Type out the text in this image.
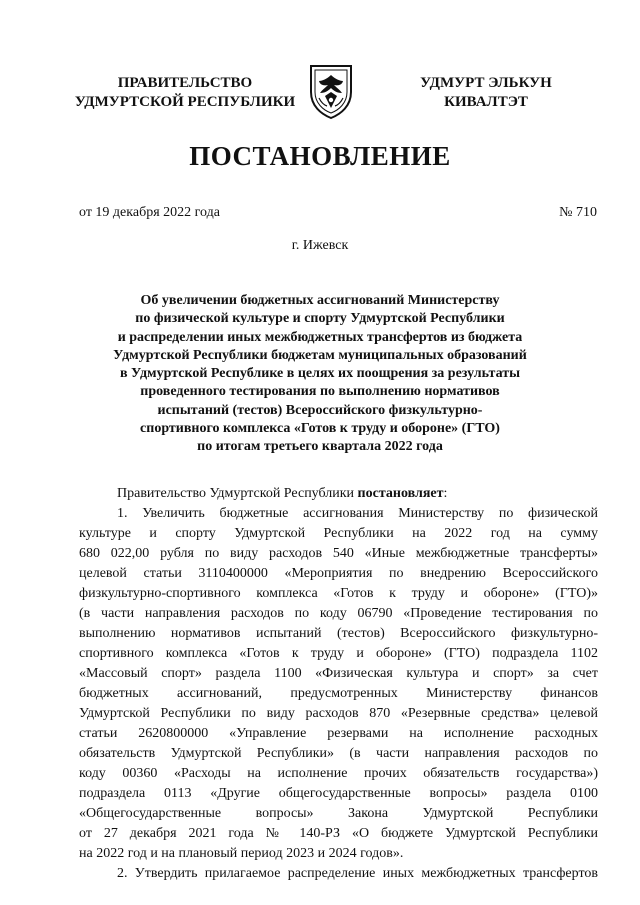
ПРАВИТЕЛЬСТВО
УДМУРТСКОЙ РЕСПУБЛИКИ
УДМУРТ ЭЛЬКУН
КИВАЛТЭТ
ПОСТАНОВЛЕНИЕ
от 19 декабря 2022 года	№ 710
г. Ижевск
Об увеличении бюджетных ассигнований Министерству
по физической культуре и спорту Удмуртской Республики
и распределении иных межбюджетных трансфертов из бюджета
Удмуртской Республики бюджетам муниципальных образований
в Удмуртской Республике в целях их поощрения за результаты
проведенного тестирования по выполнению нормативов
испытаний (тестов) Всероссийского физкультурно-
спортивного комплекса «Готов к труду и обороне» (ГТО)
по итогам третьего квартала 2022 года
Правительство Удмуртской Республики постановляет:
1. Увеличить бюджетные ассигнования Министерству по физической
культуре и спорту Удмуртской Республики на 2022 год на сумму
680 022,00 рубля по виду расходов 540 «Иные межбюджетные трансферты»
целевой статьи 3110400000 «Мероприятия по внедрению Всероссийского
физкультурно-спортивного комплекса «Готов к труду и обороне» (ГТО)»
(в части направления расходов по коду 06790 «Проведение тестирования по
выполнению нормативов испытаний (тестов) Всероссийского физкультурно-
спортивного комплекса «Готов к труду и обороне» (ГТО) подраздела 1102
«Массовый спорт» раздела 1100 «Физическая культура и спорт» за счет
бюджетных ассигнований, предусмотренных Министерству финансов
Удмуртской Республики по виду расходов 870 «Резервные средства» целевой
статьи 2620800000 «Управление резервами на исполнение расходных
обязательств Удмуртской Республики» (в части направления расходов по
коду 00360 «Расходы на исполнение прочих обязательств государства»)
подраздела 0113 «Другие общегосударственные вопросы» раздела 0100
«Общегосударственные вопросы» Закона Удмуртской Республики
от 27 декабря 2021 года № 140-РЗ «О бюджете Удмуртской Республики
на 2022 год и на плановый период 2023 и 2024 годов».
2. Утвердить прилагаемое распределение иных межбюджетных трансфертов
